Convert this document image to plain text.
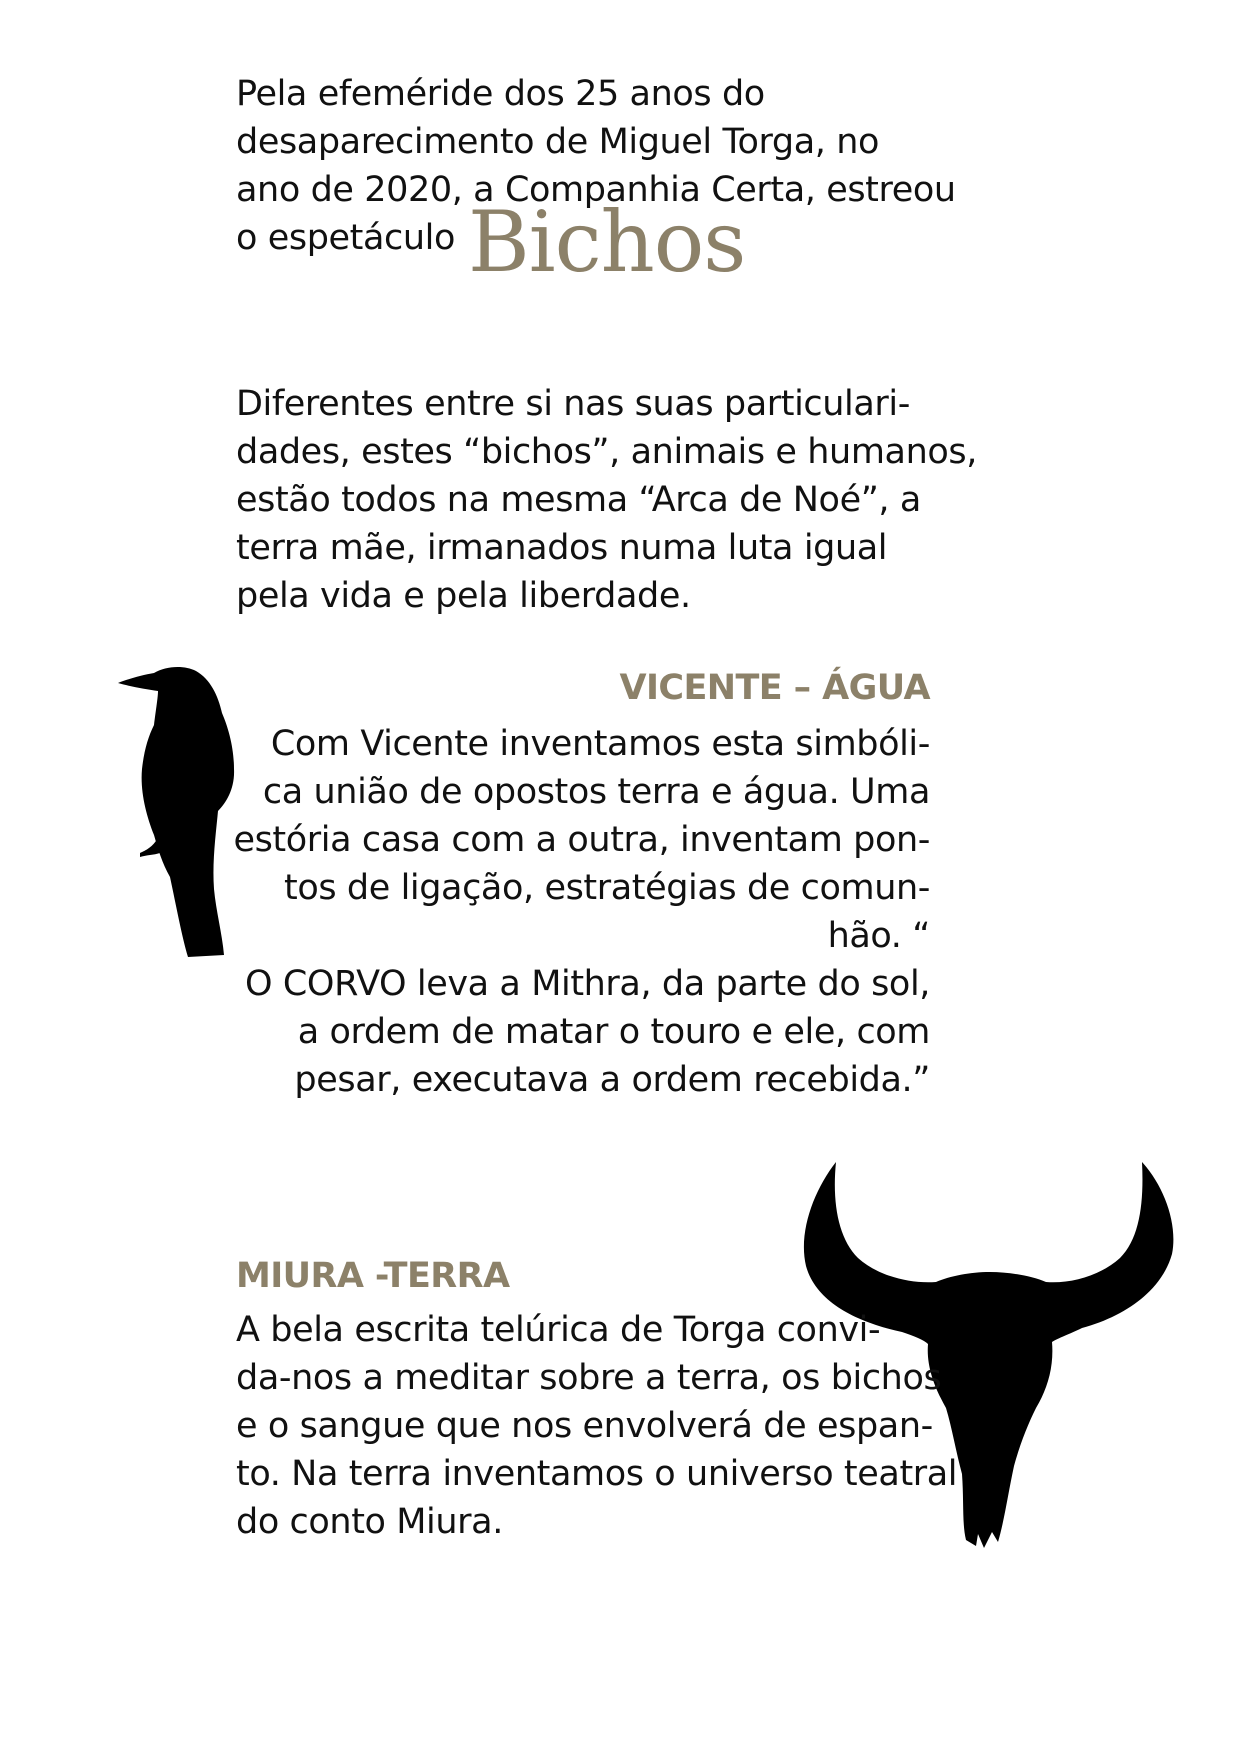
Pela efeméride dos 25 anos do
desaparecimento de Miguel Torga, no
ano de 2020, a Companhia Certa, estreou
o espetáculo Bichos
Diferentes entre si nas suas particulari-
dades, estes “bichos”, animais e humanos,
estão todos na mesma “Arca de Noé”, a
terra mãe, irmanados numa luta igual
pela vida e pela liberdade.
VICENTE – ÁGUA
Com Vicente inventamos esta simbóli-
ca união de opostos terra e água. Uma
estória casa com a outra, inventam pon-
tos de ligação, estratégias de comun-
hão. “
O CORVO leva a Mithra, da parte do sol,
a ordem de matar o touro e ele, com
pesar, executava a ordem recebida.”
MIURA -TERRA
A bela escrita telúrica de Torga convi-
da-nos a meditar sobre a terra, os bichos
e o sangue que nos envolverá de espan-
to. Na terra inventamos o universo teatral
do conto Miura.
